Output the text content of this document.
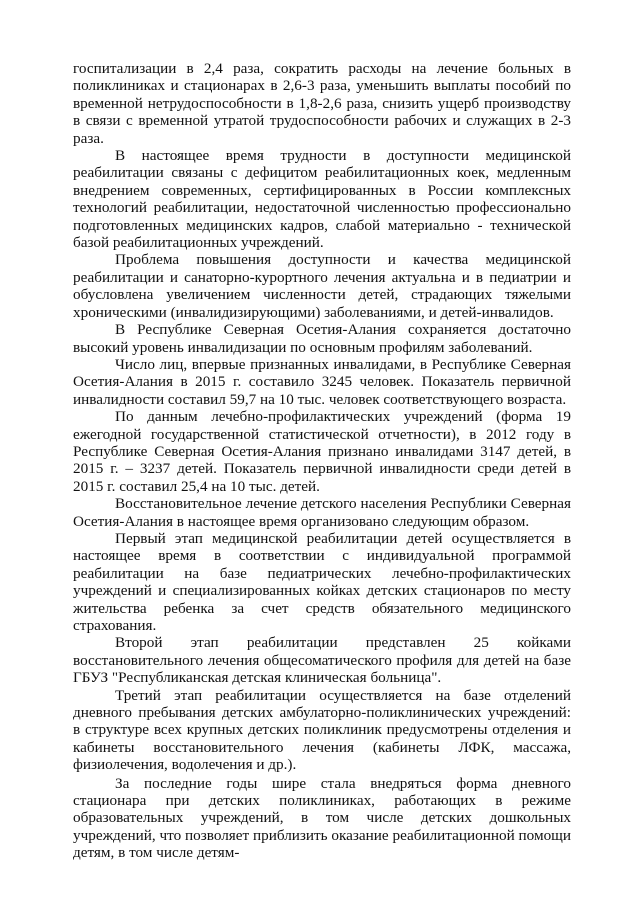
госпитализации в 2,4 раза, сократить расходы на лечение больных в поликлиниках и стационарах в 2,6-3 раза, уменьшить выплаты пособий по временной нетрудоспособности в 1,8-2,6 раза, снизить ущерб производству в связи с временной утратой трудоспособности рабочих и служащих в 2-3 раза.

В настоящее время трудности в доступности медицинской реабилитации связаны с дефицитом реабилитационных коек, медленным внедрением современных, сертифицированных в России комплексных технологий реабилитации, недостаточной численностью профессионально подготовленных медицинских кадров, слабой материально - технической базой реабилитационных учреждений.

Проблема повышения доступности и качества медицинской реабилитации и санаторно-курортного лечения актуальна и в педиатрии и обусловлена увеличением численности детей, страдающих тяжелыми хроническими (инвалидизирующими) заболеваниями, и детей-инвалидов.

В Республике Северная Осетия-Алания сохраняется достаточно высокий уровень инвалидизации по основным профилям заболеваний.

Число лиц, впервые признанных инвалидами, в Республике Северная Осетия-Алания в 2015 г. составило 3245 человек. Показатель первичной инвалидности составил 59,7 на 10 тыс. человек соответствующего возраста.

По данным лечебно-профилактических учреждений (форма 19 ежегодной государственной статистической отчетности), в 2012 году в Республике Северная Осетия-Алания признано инвалидами 3147 детей, в 2015 г. – 3237 детей. Показатель первичной инвалидности среди детей в 2015 г. составил 25,4 на 10 тыс. детей.

Восстановительное лечение детского населения Республики Северная Осетия-Алания в настоящее время организовано следующим образом.

Первый этап медицинской реабилитации детей осуществляется в настоящее время в соответствии с индивидуальной программой реабилитации на базе педиатрических лечебно-профилактических учреждений и специализированных койках детских стационаров по месту жительства ребенка за счет средств обязательного медицинского страхования.

Второй этап реабилитации представлен 25 койками восстановительного лечения общесоматического профиля для детей на базе ГБУЗ "Республиканская детская клиническая больница".

Третий этап реабилитации осуществляется на базе отделений дневного пребывания детских амбулаторно-поликлинических учреждений: в структуре всех крупных детских поликлиник предусмотрены отделения и кабинеты восстановительного лечения (кабинеты ЛФК, массажа, физиолечения, водолечения и др.).

За последние годы шире стала внедряться форма дневного стационара при детских поликлиниках, работающих в режиме образовательных учреждений, в том числе детских дошкольных учреждений, что позволяет приблизить оказание реабилитационной помощи детям, в том числе детям-
